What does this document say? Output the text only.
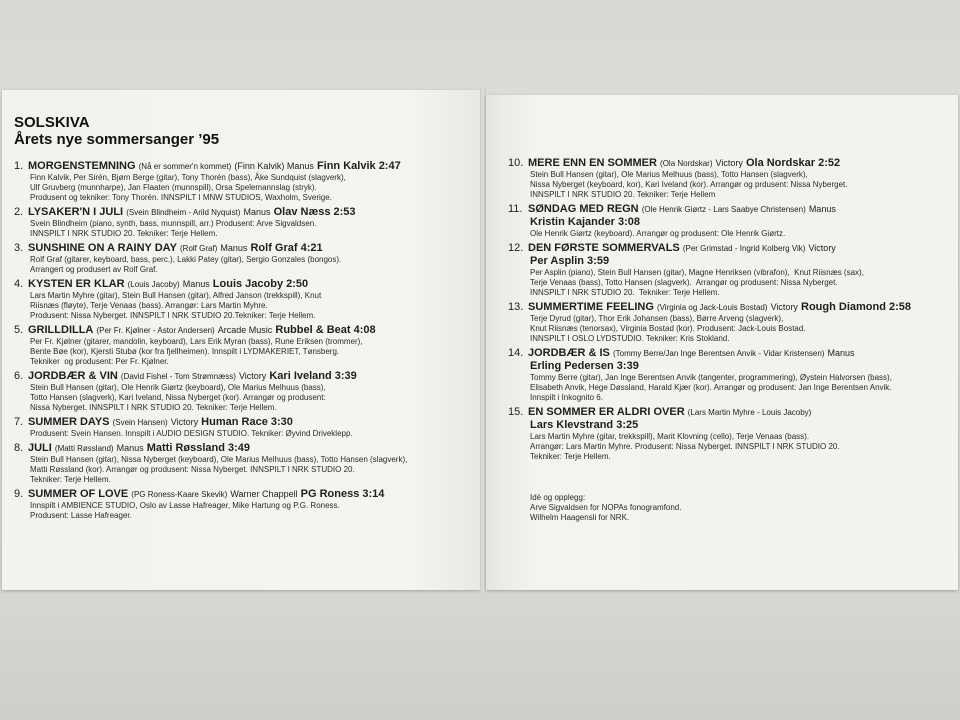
SOLSKIVA
Årets nye sommersanger ’95
1. MORGENSTEMNING (Nå er sommer'n kommet) (Finn Kalvik) Manus Finn Kalvik 2:47
Finn Kalvik, Per Sirén, Bjørn Berge (gitar), Tony Thorén (bass), Åke Sundquist (slagverk),
Ulf Gruvberg (munnharpe), Jan Flaaten (munnspill), Orsa Spelemannslag (stryk).
Produsent og tekniker: Tony Thorén. INNSPILT I MNW STUDIOS, Waxholm, Sverige.
2. LYSAKER'N I JULI (Svein Blindheim - Arild Nyquist) Manus Olav Næss 2:53
Svein Blindheim (piano, synth, bass, munnspill, arr.) Produsent: Arve Sigvaldsen.
INNSPILT I NRK STUDIO 20. Tekniker: Terje Hellem.
3. SUNSHINE ON A RAINY DAY (Rolf Graf) Manus Rolf Graf 4:21
Rolf Graf (gitarer, keyboard, bass, perc.), Lakki Patey (gitar), Sergio Gonzales (bongos).
Arrangert og produsert av Rolf Graf.
4. KYSTEN ER KLAR (Louis Jacoby) Manus Louis Jacoby 2:50
Lars Martin Myhre (gitar), Stein Bull Hansen (gitar), Alfred Janson (trekkspill), Knut
Riisnæs (fløyte), Terje Venaas (bass). Arrangør: Lars Martin Myhre.
Produsent: Nissa Nyberget. INNSPILT I NRK STUDIO 20.Tekniker: Terje Hellem.
5. GRILLDILLA (Per Fr. Kjølner - Astor Andersen) Arcade Music Rubbel & Beat 4:08
Per Fr. Kjølner (gitarer, mandolin, keyboard), Lars Erik Myran (bass), Rune Eriksen (trommer),
Bente Bøe (kor), Kjersti Stubø (kor fra fjellheimen). Innspilt i LYDMAKERIET, Tønsberg.
Tekniker  og produsent: Per Fr. Kjølner.
6. JORDBÆR & VIN (David Fishel - Tom Strømnæss) Victory Kari Iveland 3:39
Stein Bull Hansen (gitar), Ole Henrik Giørtz (keyboard), Ole Marius Melhuus (bass),
Totto Hansen (slagverk), Kari Iveland, Nissa Nyberget (kor). Arrangør og produsent:
Nissa Nyberget. INNSPILT I NRK STUDIO 20. Tekniker: Terje Hellem.
7. SUMMER DAYS (Svein Hansen) Victory Human Race 3:30
Produsent: Svein Hansen. Innspilt i AUDIO DESIGN STUDIO. Tekniker: Øyvind Driveklepp.
8. JULI (Matti Røssland) Manus Matti Røssland 3:49
Stein Bull Hansen (gitar), Nissa Nyberget (keyboard), Ole Marius Melhuus (bass), Totto Hansen (slagverk),
Matti Røssland (kor). Arrangør og produsent: Nissa Nyberget. INNSPILT I NRK STUDIO 20.
Tekniker: Terje Hellem.
9. SUMMER OF LOVE (PG Roness-Kaare Skevik) Warner Chappell PG Roness 3:14
Innspilt i AMBIENCE STUDIO, Oslo av Lasse Hafreager, Mike Hartung og P.G. Roness.
Produsent: Lasse Hafreager.
10. MERE ENN EN SOMMER (Ola Nordskar) Victory Ola Nordskar 2:52
Stein Bull Hansen (gitar), Ole Marius Melhuus (bass), Totto Hansen (slagverk),
Nissa Nyberget (keyboard, kor), Kari Iveland (kor). Arrangør og prdusent: Nissa Nyberget.
INNSPILT I NRK STUDIO 20. Tekniker: Terje Hellem
11. SØNDAG MED REGN (Ole Henrik Giørtz - Lars Saabye Christensen) Manus
Kristin Kajander 3:08
Ole Henrik Giørtz (keyboard). Arrangør og produsent: Ole Henrik Giørtz.
12. DEN FØRSTE SOMMERVALS (Per Grimstad - Ingrid Kolberg Vik) Victory
Per Asplin 3:59
Per Asplin (piano), Stein Bull Hansen (gitar), Magne Henriksen (vibrafon),  Knut Riisnæs (sax),
Terje Venaas (bass), Totto Hansen (slagverk).  Arrangør og produsent: Nissa Nyberget.
INNSPILT I NRK STUDIO 20.  Tekniker: Terje Hellem.
13. SUMMERTIME FEELING (Virginia og Jack-Louis Bostad) Victory Rough Diamond 2:58
Terje Dyrud (gitar), Thor Erik Johansen (bass), Børre Arveng (slagverk),
Knut Riisnæs (tenorsax), Virginia Bostad (kor). Produsent: Jack-Louis Bostad.
INNSPILT I OSLO LYDSTUDIO. Tekniker: Kris Stokland.
14. JORDBÆR & IS (Tommy Berre/Jan Inge Berentsen Anvik - Vidar Kristensen) Manus
Erling Pedersen 3:39
Tommy Berre (gitar), Jan Inge Berentsen Anvik (tangenter, programmering), Øystein Halvorsen (bass),
Elisabeth Anvik, Hege Døssland, Harald Kjær (kor). Arrangør og produsent: Jan Inge Berentsen Anvik.
Innspilt i Inkognito 6.
15. EN SOMMER ER ALDRI OVER (Lars Martin Myhre - Louis Jacoby)
Lars Klevstrand 3:25
Lars Martin Myhre (gitar, trekkspill), Marit Klovning (cello), Terje Venaas (bass).
Arrangør: Lars Martin Myhre. Produsent: Nissa Nyberget. INNSPILT I NRK STUDIO 20.
Tekniker: Terje Hellem.
Idé og opplegg:
Arve Sigvaldsen for NOPAs fonogramfond.
Wilhelm Haagensli for NRK.
